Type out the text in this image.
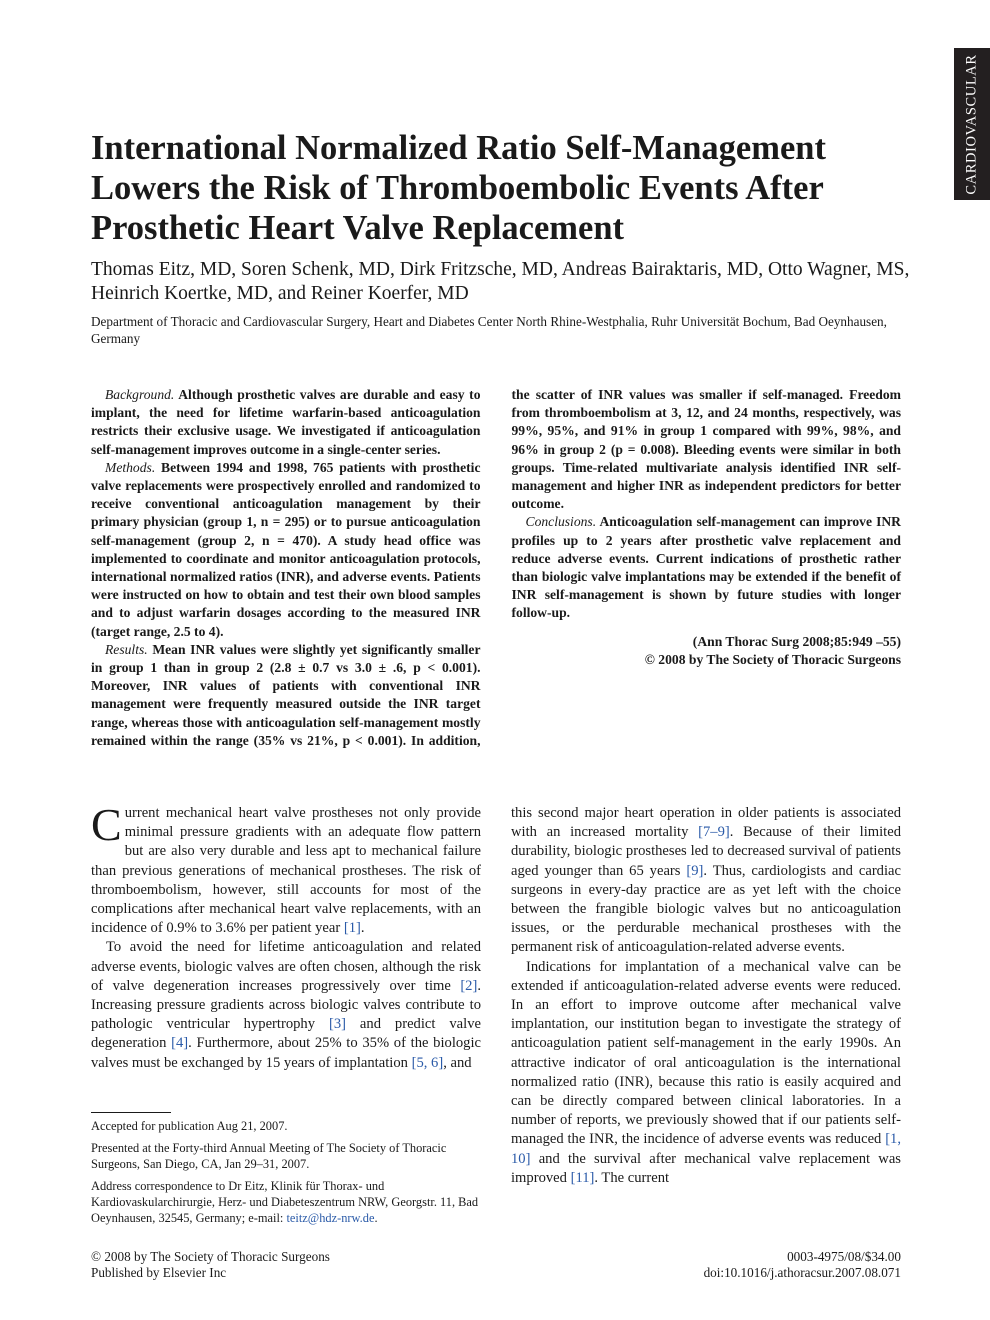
CARDIOVASCULAR
International Normalized Ratio Self-Management Lowers the Risk of Thromboembolic Events After Prosthetic Heart Valve Replacement
Thomas Eitz, MD, Soren Schenk, MD, Dirk Fritzsche, MD, Andreas Bairaktaris, MD, Otto Wagner, MS, Heinrich Koertke, MD, and Reiner Koerfer, MD
Department of Thoracic and Cardiovascular Surgery, Heart and Diabetes Center North Rhine-Westphalia, Ruhr Universität Bochum, Bad Oeynhausen, Germany

Background. Although prosthetic valves are durable and easy to implant, the need for lifetime warfarin-based anticoagulation restricts their exclusive usage. We investigated if anticoagulation self-management improves outcome in a single-center series.

Methods. Between 1994 and 1998, 765 patients with prosthetic valve replacements were prospectively enrolled and randomized to receive conventional anticoagulation management by their primary physician (group 1, n = 295) or to pursue anticoagulation self-management (group 2, n = 470). A study head office was implemented to coordinate and monitor anticoagulation protocols, international normalized ratios (INR), and adverse events. Patients were instructed on how to obtain and test their own blood samples and to adjust warfarin dosages according to the measured INR (target range, 2.5 to 4).

Results. Mean INR values were slightly yet significantly smaller in group 1 than in group 2 (2.8 ± 0.7 vs 3.0 ± .6, p < 0.001). Moreover, INR values of patients with conventional INR management were frequently measured outside the INR target range, whereas those with anticoagulation self-management mostly remained within the range (35% vs 21%, p < 0.001). In addition, the scatter of INR values was smaller if self-managed. Freedom from thromboembolism at 3, 12, and 24 months, respectively, was 99%, 95%, and 91% in group 1 compared with 99%, 98%, and 96% in group 2 (p = 0.008). Bleeding events were similar in both groups. Time-related multivariate analysis identified INR self-management and higher INR as independent predictors for better outcome.

Conclusions. Anticoagulation self-management can improve INR profiles up to 2 years after prosthetic valve replacement and reduce adverse events. Current indications of prosthetic rather than biologic valve implantations may be extended if the benefit of INR self-management is shown by future studies with longer follow-up.

(Ann Thorac Surg 2008;85:949 –55)
© 2008 by The Society of Thoracic Surgeons

Current mechanical heart valve prostheses not only provide minimal pressure gradients with an adequate flow pattern but are also very durable and less apt to mechanical failure than previous generations of mechanical prostheses. The risk of thromboembolism, however, still accounts for most of the complications after mechanical heart valve replacements, with an incidence of 0.9% to 3.6% per patient year [1].

To avoid the need for lifetime anticoagulation and related adverse events, biologic valves are often chosen, although the risk of valve degeneration increases progressively over time [2]. Increasing pressure gradients across biologic valves contribute to pathologic ventricular hypertrophy [3] and predict valve degeneration [4]. Furthermore, about 25% to 35% of the biologic valves must be exchanged by 15 years of implantation [5, 6], and

Accepted for publication Aug 21, 2007.

Presented at the Forty-third Annual Meeting of The Society of Thoracic Surgeons, San Diego, CA, Jan 29–31, 2007.

Address correspondence to Dr Eitz, Klinik für Thorax- und Kardiovaskularchirurgie, Herz- und Diabeteszentrum NRW, Georgstr. 11, Bad Oeynhausen, 32545, Germany; e-mail: teitz@hdz-nrw.de.

this second major heart operation in older patients is associated with an increased mortality [7–9]. Because of their limited durability, biologic prostheses led to decreased survival of patients aged younger than 65 years [9]. Thus, cardiologists and cardiac surgeons in every-day practice are as yet left with the choice between the frangible biologic valves but no anticoagulation issues, or the perdurable mechanical prostheses with the permanent risk of anticoagulation-related adverse events.

Indications for implantation of a mechanical valve can be extended if anticoagulation-related adverse events were reduced. In an effort to improve outcome after mechanical valve implantation, our institution began to investigate the strategy of anticoagulation patient self-management in the early 1990s. An attractive indicator of oral anticoagulation is the international normalized ratio (INR), because this ratio is easily acquired and can be directly compared between clinical laboratories. In a number of reports, we previously showed that if our patients self-managed the INR, the incidence of adverse events was reduced [1, 10] and the survival after mechanical valve replacement was improved [11]. The current

© 2008 by The Society of Thoracic Surgeons
Published by Elsevier Inc
0003-4975/08/$34.00
doi:10.1016/j.athoracsur.2007.08.071
